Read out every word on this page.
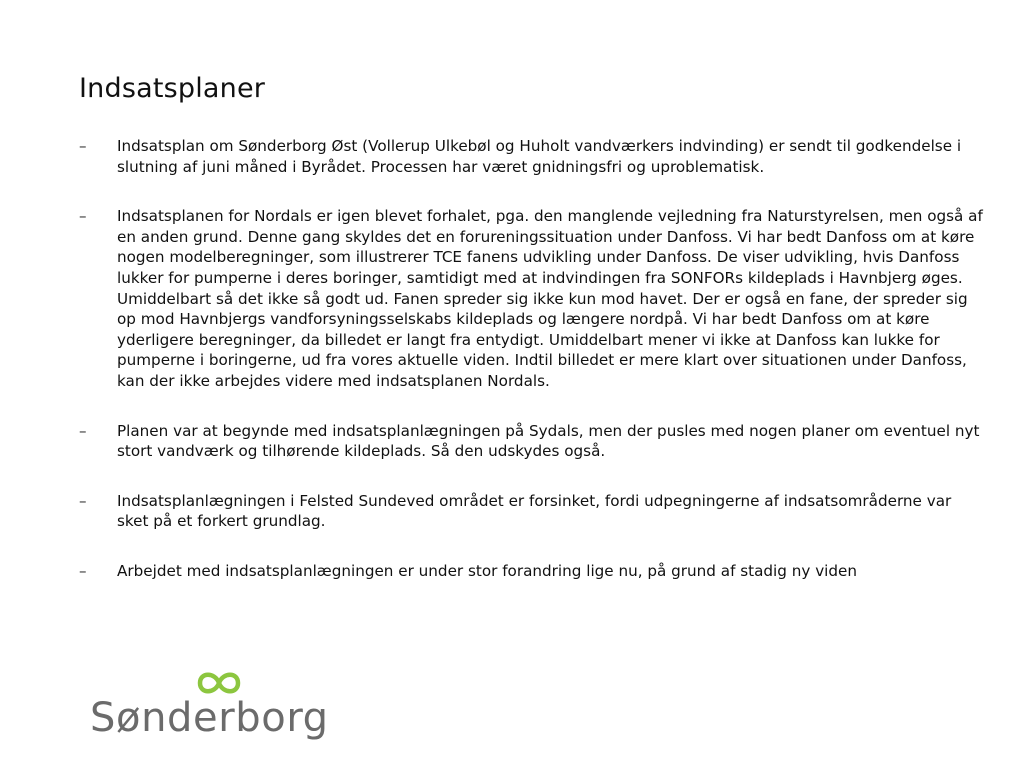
Indsatsplaner
– Indsatsplan om Sønderborg Øst (Vollerup Ulkebøl og Huholt vandværkers indvinding) er sendt til godkendelse i slutning af juni måned i Byrådet. Processen har været gnidningsfri og uproblematisk.
– Indsatsplanen for Nordals er igen blevet forhalet, pga. den manglende vejledning fra Naturstyrelsen, men også af en anden grund. Denne gang skyldes det en forureningssituation under Danfoss. Vi har bedt Danfoss om at køre nogen modelberegninger, som illustrerer TCE fanens udvikling under Danfoss. De viser udvikling, hvis Danfoss lukker for pumperne i deres boringer, samtidigt med at indvindingen fra SONFORs kildeplads i Havnbjerg øges. Umiddelbart så det ikke så godt ud. Fanen spreder sig ikke kun mod havet. Der er også en fane, der spreder sig op mod Havnbjergs vandforsyningsselskabs kildeplads og længere nordpå. Vi har bedt Danfoss om at køre yderligere beregninger, da billedet er langt fra entydigt. Umiddelbart mener vi ikke at Danfoss kan lukke for pumperne i boringerne, ud fra vores aktuelle viden. Indtil billedet er mere klart over situationen under Danfoss, kan der ikke arbejdes videre med indsatsplanen Nordals.
– Planen var at begynde med indsatsplanlægningen på Sydals, men der pusles med nogen planer om eventuel nyt stort vandværk og tilhørende kildeplads. Så den udskydes også.
– Indsatsplanlægningen i Felsted Sundeved området er forsinket, fordi udpegningerne af indsatsområderne var sket på et forkert grundlag.
– Arbejdet med indsatsplanlægningen er under stor forandring lige nu, på grund af stadig ny viden
Sønderborg
